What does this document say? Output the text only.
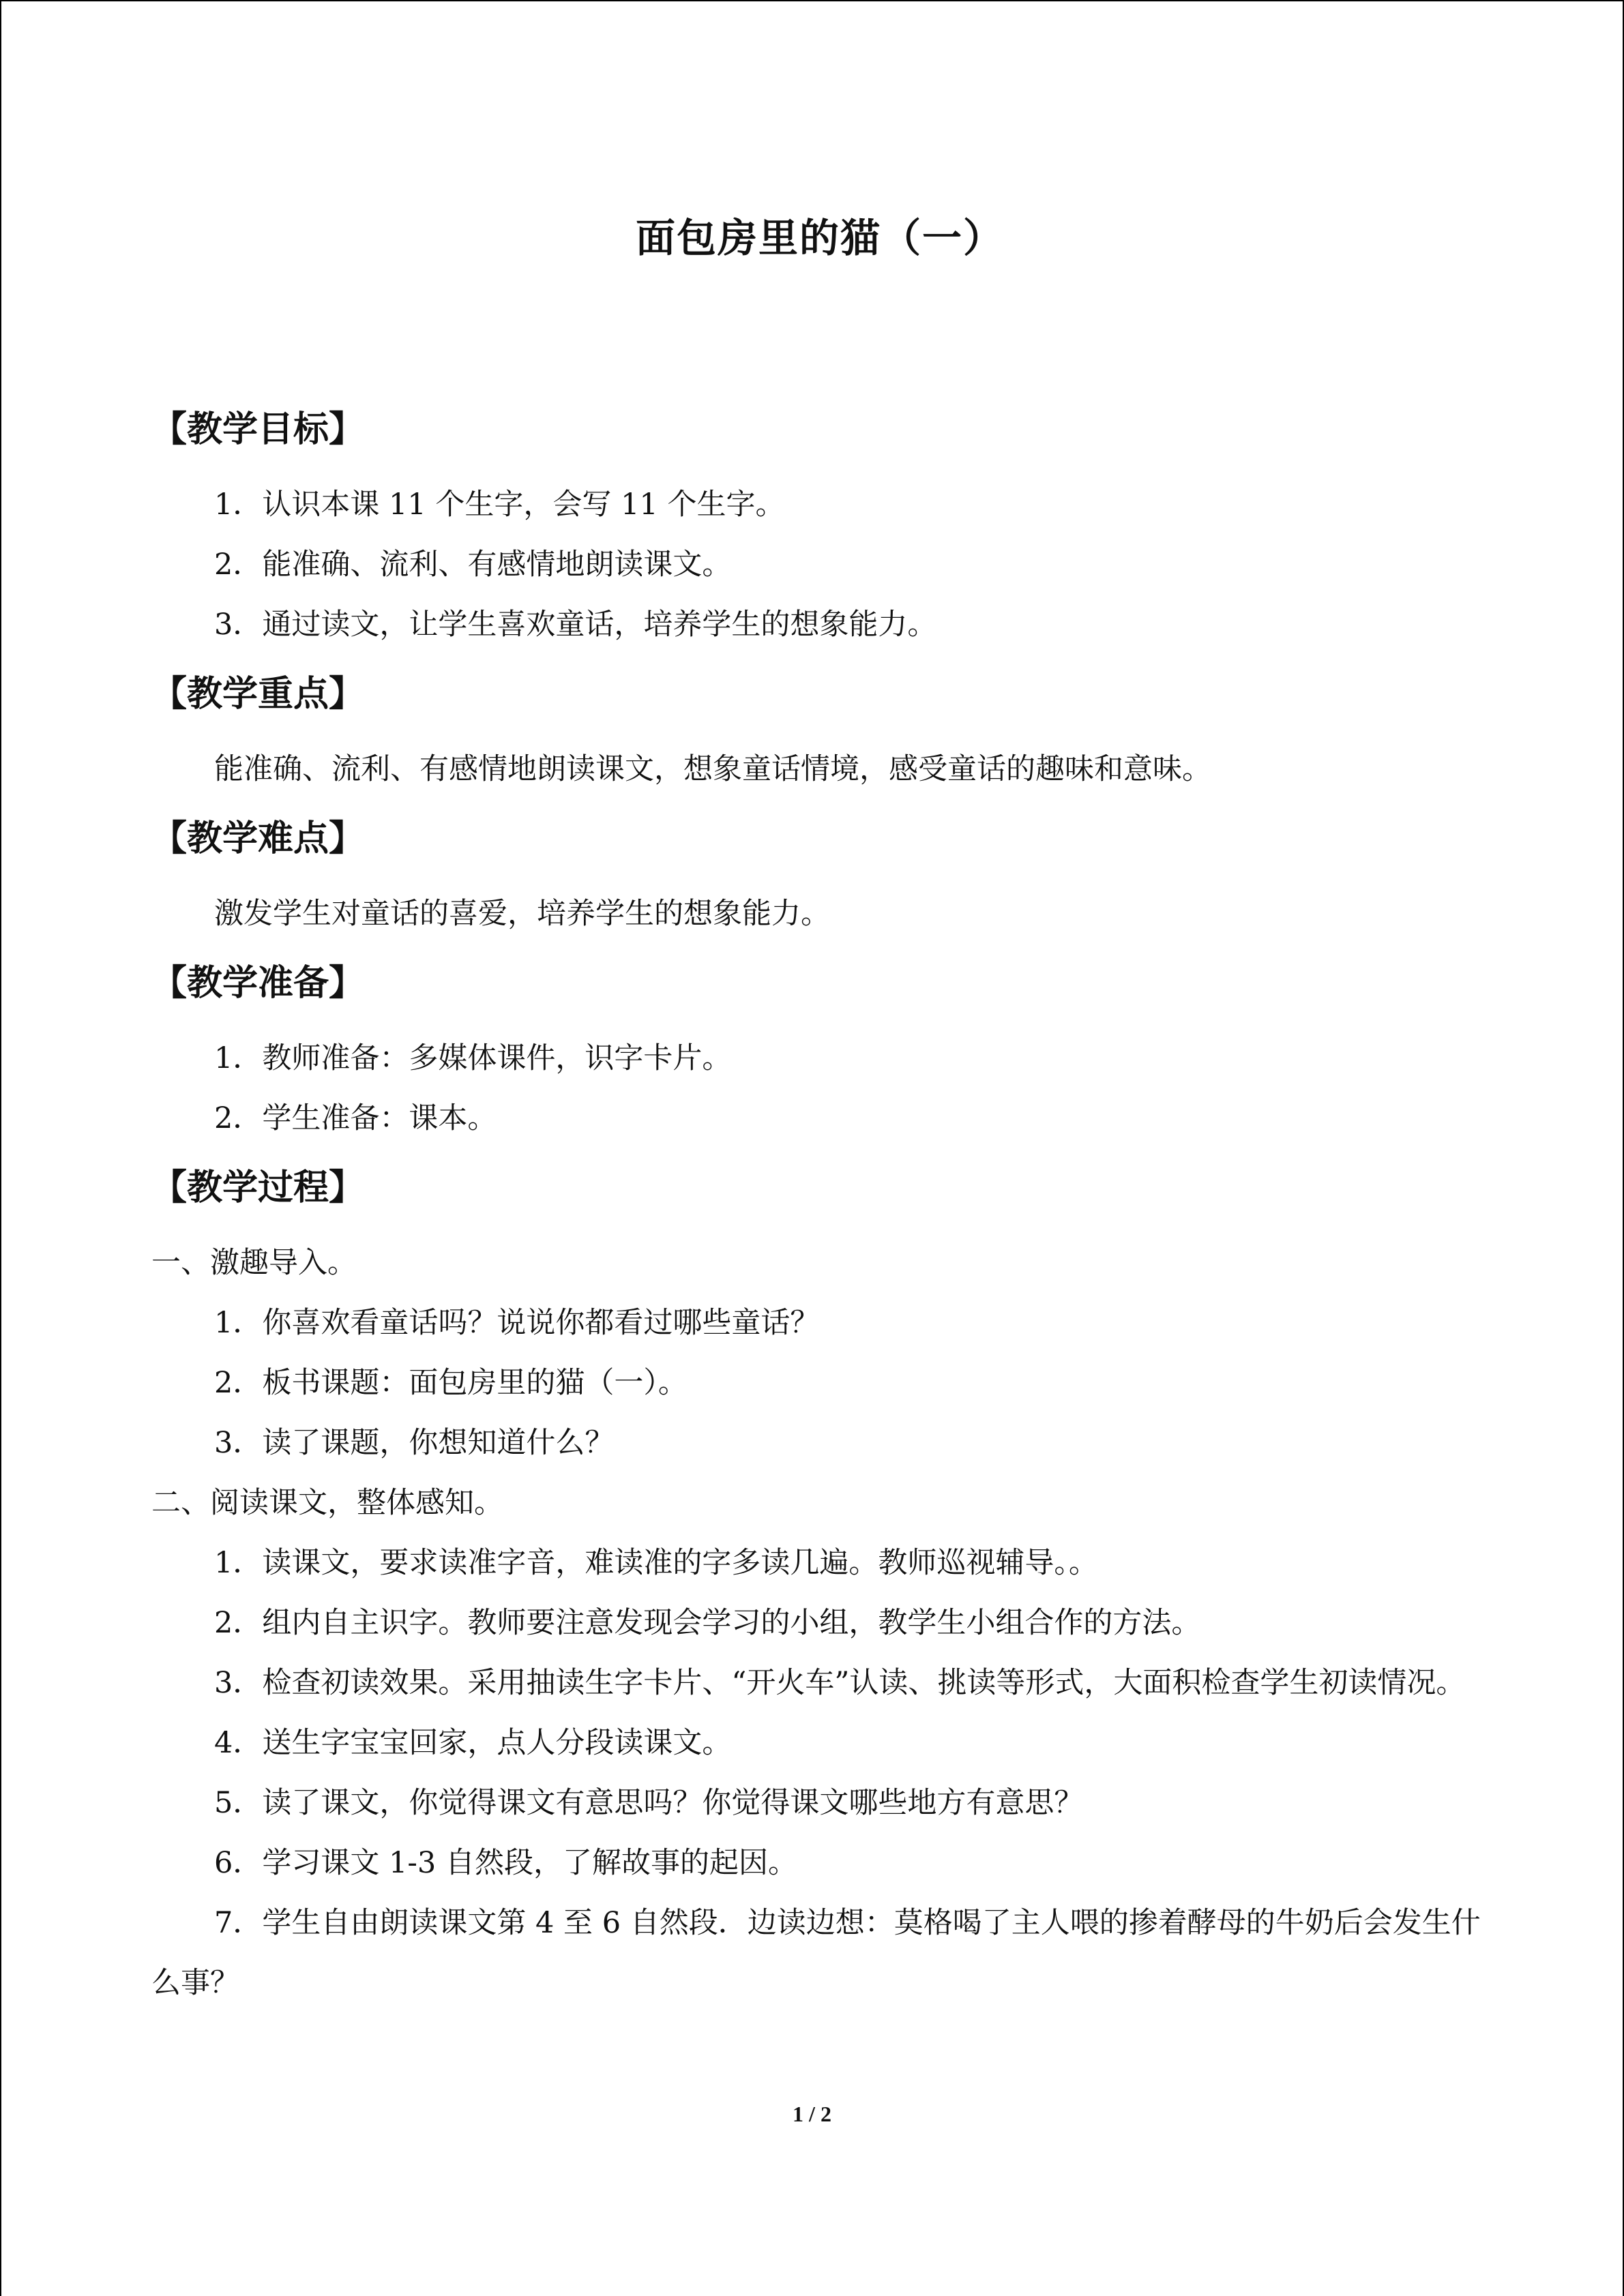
面包房里的猫（一）
【教学目标】

1．认识本课 11 个生字，会写 11 个生字。

2．能准确、流利、有感情地朗读课文。

3．通过读文，让学生喜欢童话，培养学生的想象能力。

【教学重点】

能准确、流利、有感情地朗读课文，想象童话情境，感受童话的趣味和意味。

【教学难点】

激发学生对童话的喜爱，培养学生的想象能力。

【教学准备】

1．教师准备：多媒体课件，识字卡片。

2．学生准备：课本。

【教学过程】

一、激趣导入。

1．你喜欢看童话吗？说说你都看过哪些童话？

2．板书课题：面包房里的猫（一）。

3．读了课题，你想知道什么？

二、阅读课文，整体感知。

1．读课文，要求读准字音，难读准的字多读几遍。教师巡视辅导。。

2．组内自主识字。教师要注意发现会学习的小组，教学生小组合作的方法。

3．检查初读效果。采用抽读生字卡片、“开火车”认读、挑读等形式，大面积检查学生初读情况。

4．送生字宝宝回家，点人分段读课文。

5．读了课文，你觉得课文有意思吗？你觉得课文哪些地方有意思？

6．学习课文 1-3 自然段，了解故事的起因。

7．学生自由朗读课文第 4 至 6 自然段．边读边想：莫格喝了主人喂的掺着酵母的牛奶后会发生什么事？

1 / 2
